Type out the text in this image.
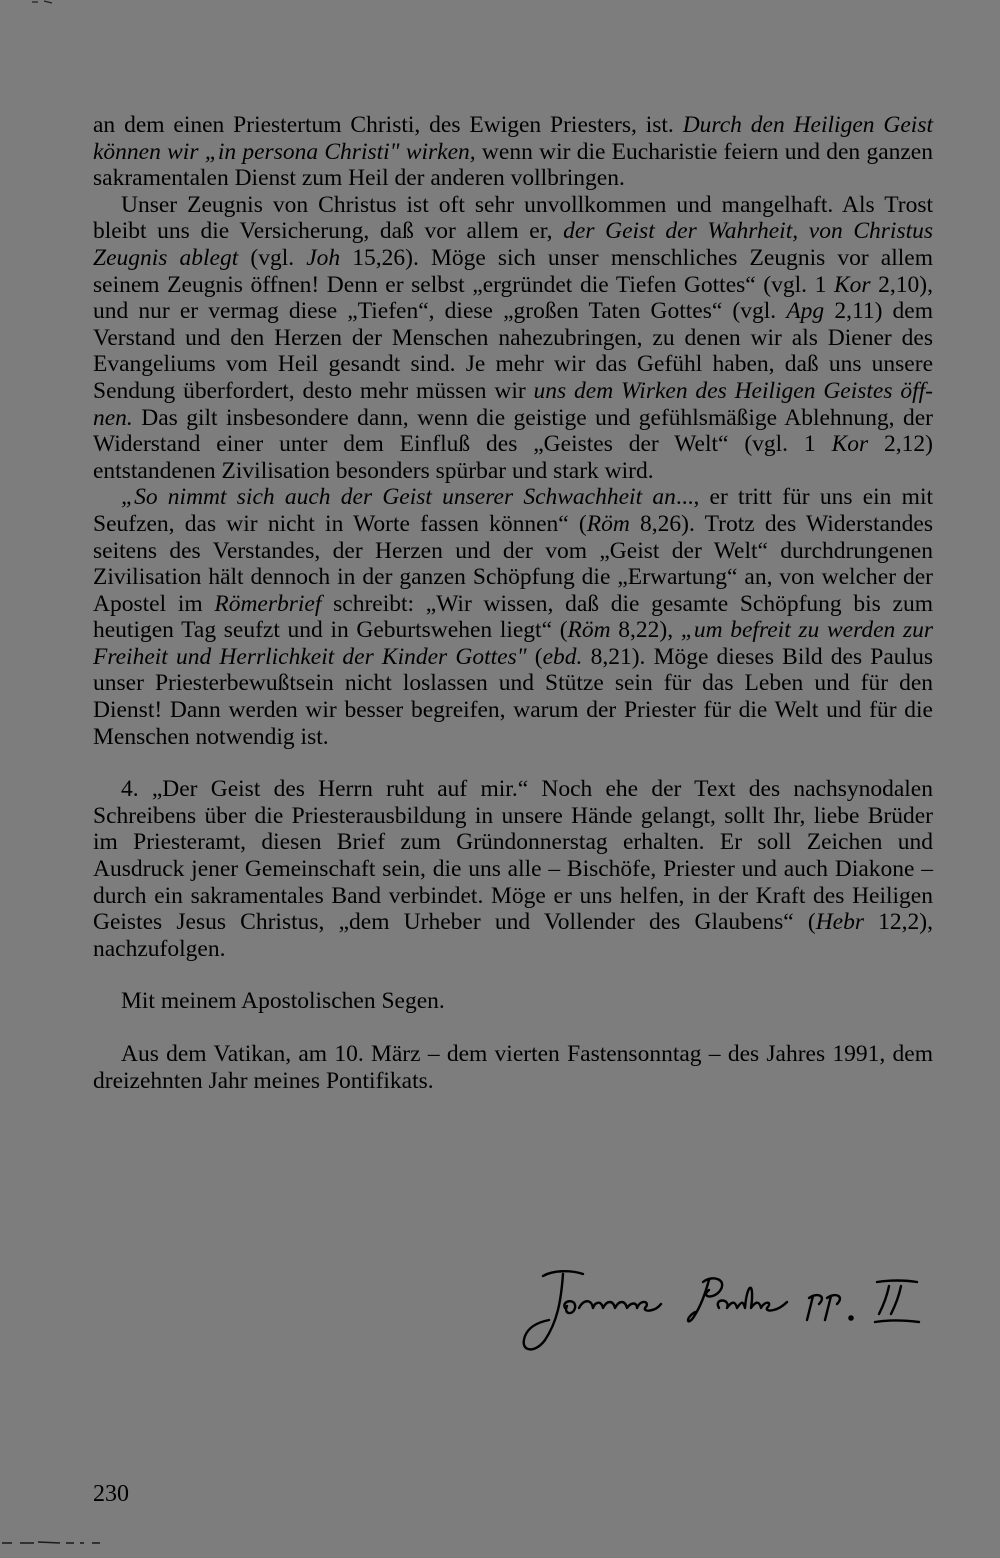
an dem einen Priestertum Christi, des Ewigen Priesters, ist. Durch den Heiligen Geist können wir „in persona Christi" wirken, wenn wir die Eucharistie feiern und den ganzen sakramentalen Dienst zum Heil der anderen vollbringen.

Unser Zeugnis von Christus ist oft sehr unvollkommen und mangelhaft. Als Trost bleibt uns die Versicherung, daß vor allem er, der Geist der Wahrheit, von Christus Zeugnis ablegt (vgl. Joh 15,26). Möge sich unser menschliches Zeugnis vor allem seinem Zeugnis öffnen! Denn er selbst „ergründet die Tiefen Gottes“ (vgl. 1 Kor 2,10), und nur er vermag diese „Tiefen“, diese „großen Taten Gottes“ (vgl. Apg 2,11) dem Verstand und den Herzen der Menschen nahezubringen, zu denen wir als Diener des Evangeliums vom Heil gesandt sind. Je mehr wir das Gefühl haben, daß uns unsere Sendung überfordert, desto mehr müssen wir uns dem Wirken des Heiligen Geistes öffnen. Das gilt insbesondere dann, wenn die geistige und gefühlsmäßige Ablehnung, der Widerstand einer unter dem Einfluß des „Geistes der Welt“ (vgl. 1 Kor 2,12) entstandenen Zivilisation besonders spürbar und stark wird.

„So nimmt sich auch der Geist unserer Schwachheit an..., er tritt für uns ein mit Seufzen, das wir nicht in Worte fassen können“ (Röm 8,26). Trotz des Widerstandes seitens des Verstandes, der Herzen und der vom „Geist der Welt“ durchdrungenen Zivilisation hält dennoch in der ganzen Schöpfung die „Erwartung“ an, von welcher der Apostel im Römerbrief schreibt: „Wir wissen, daß die gesamte Schöpfung bis zum heutigen Tag seufzt und in Geburtswehen liegt“ (Röm 8,22), „um befreit zu werden zur Freiheit und Herrlichkeit der Kinder Gottes" (ebd. 8,21). Möge dieses Bild des Paulus unser Priesterbewußtsein nicht loslassen und Stütze sein für das Leben und für den Dienst! Dann werden wir besser begreifen, warum der Priester für die Welt und für die Menschen notwendig ist.

4. „Der Geist des Herrn ruht auf mir.“ Noch ehe der Text des nachsynodalen Schreibens über die Priesterausbildung in unsere Hände gelangt, sollt Ihr, liebe Brüder im Priesteramt, diesen Brief zum Gründonnerstag erhalten. Er soll Zeichen und Ausdruck jener Gemeinschaft sein, die uns alle – Bischöfe, Priester und auch Diakone – durch ein sakramentales Band verbindet. Möge er uns helfen, in der Kraft des Heiligen Geistes Jesus Christus, „dem Urheber und Vollender des Glaubens“ (Hebr 12,2), nachzufolgen.

Mit meinem Apostolischen Segen.

Aus dem Vatikan, am 10. März – dem vierten Fastensonntag – des Jahres 1991, dem dreizehnten Jahr meines Pontifikats.

230
